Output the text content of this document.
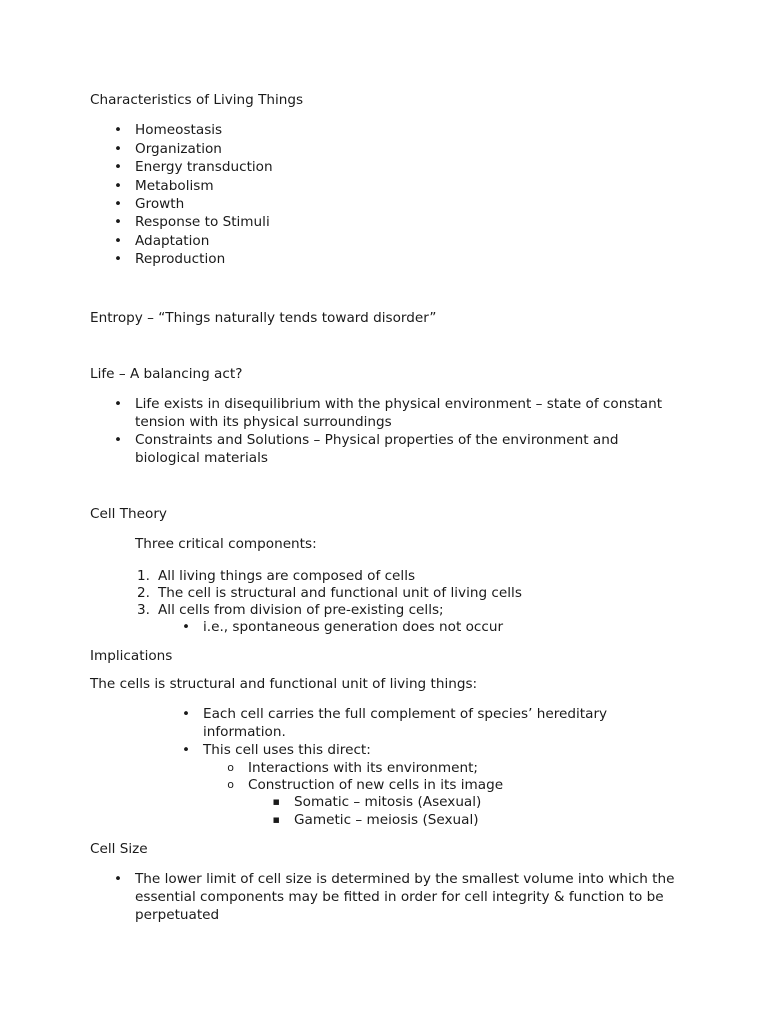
Characteristics of Living Things
• Homeostasis
• Organization
• Energy transduction
• Metabolism
• Growth
• Response to Stimuli
• Adaptation
• Reproduction
Entropy – “Things naturally tends toward disorder”
Life – A balancing act?
• Life exists in disequilibrium with the physical environment – state of constant tension with its physical surroundings
• Constraints and Solutions – Physical properties of the environment and biological materials
Cell Theory
Three critical components:
1. All living things are composed of cells
2. The cell is structural and functional unit of living cells
3. All cells from division of pre-existing cells;
• i.e., spontaneous generation does not occur
Implications
The cells is structural and functional unit of living things:
• Each cell carries the full complement of species’ hereditary information.
• This cell uses this direct:
o Interactions with its environment;
o Construction of new cells in its image
▪ Somatic – mitosis (Asexual)
▪ Gametic – meiosis (Sexual)
Cell Size
• The lower limit of cell size is determined by the smallest volume into which the essential components may be fitted in order for cell integrity & function to be perpetuated
